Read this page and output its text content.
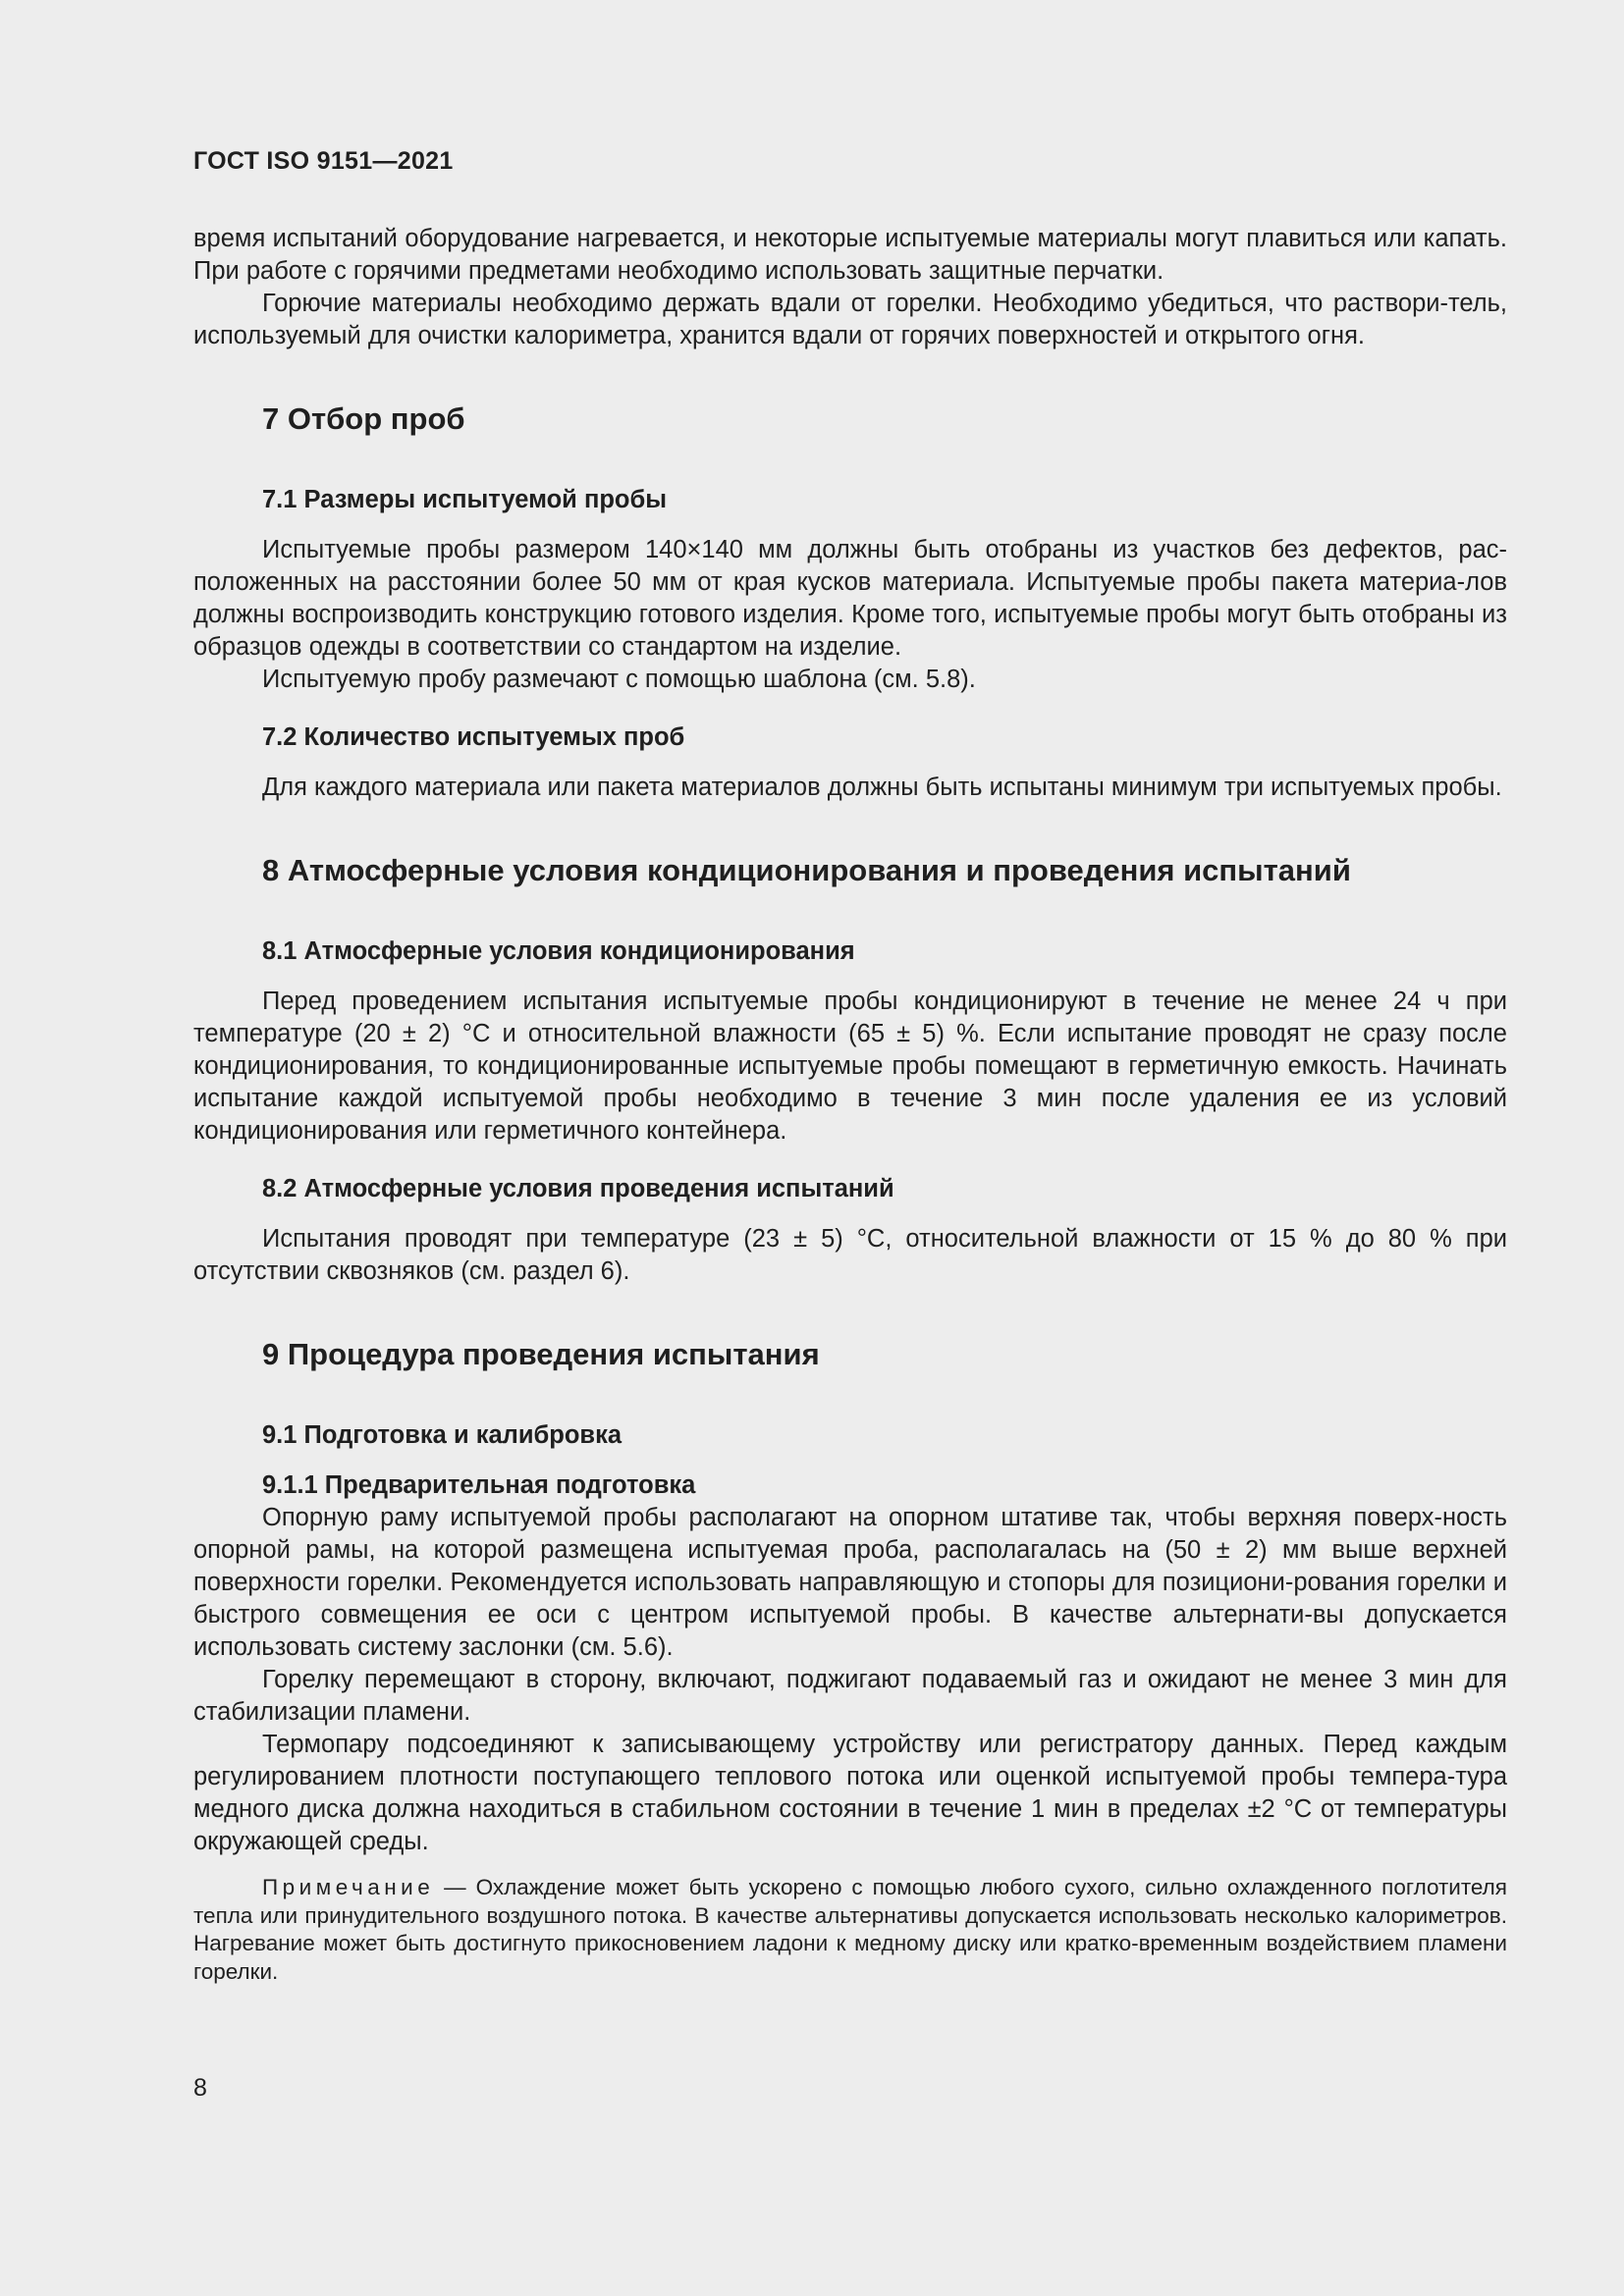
ГОСТ ISO 9151—2021

время испытаний оборудование нагревается, и некоторые испытуемые материалы могут плавиться или капать. При работе с горячими предметами необходимо использовать защитные перчатки.

Горючие материалы необходимо держать вдали от горелки. Необходимо убедиться, что раствори-тель, используемый для очистки калориметра, хранится вдали от горячих поверхностей и открытого огня.

7 Отбор проб
7.1 Размеры испытуемой пробы

Испытуемые пробы размером 140×140 мм должны быть отобраны из участков без дефектов, рас-положенных на расстоянии более 50 мм от края кусков материала. Испытуемые пробы пакета материа-лов должны воспроизводить конструкцию готового изделия. Кроме того, испытуемые пробы могут быть отобраны из образцов одежды в соответствии со стандартом на изделие.

Испытуемую пробу размечают с помощью шаблона (см. 5.8).

7.2 Количество испытуемых проб

Для каждого материала или пакета материалов должны быть испытаны минимум три испытуемых пробы.

8 Атмосферные условия кондиционирования и проведения испытаний
8.1 Атмосферные условия кондиционирования

Перед проведением испытания испытуемые пробы кондиционируют в течение не менее 24 ч при температуре (20 ± 2) °С и относительной влажности (65 ± 5) %. Если испытание проводят не сразу после кондиционирования, то кондиционированные испытуемые пробы помещают в герметичную емкость. Начинать испытание каждой испытуемой пробы необходимо в течение 3 мин после удаления ее из условий кондиционирования или герметичного контейнера.

8.2 Атмосферные условия проведения испытаний

Испытания проводят при температуре (23 ± 5) °С, относительной влажности от 15 % до 80 % при отсутствии сквозняков (см. раздел 6).

9 Процедура проведения испытания
9.1 Подготовка и калибровка
9.1.1 Предварительная подготовка

Опорную раму испытуемой пробы располагают на опорном штативе так, чтобы верхняя поверх-ность опорной рамы, на которой размещена испытуемая проба, располагалась на (50 ± 2) мм выше верхней поверхности горелки. Рекомендуется использовать направляющую и стопоры для позициони-рования горелки и быстрого совмещения ее оси с центром испытуемой пробы. В качестве альтернати-вы допускается использовать систему заслонки (см. 5.6).

Горелку перемещают в сторону, включают, поджигают подаваемый газ и ожидают не менее 3 мин для стабилизации пламени.

Термопару подсоединяют к записывающему устройству или регистратору данных. Перед каждым регулированием плотности поступающего теплового потока или оценкой испытуемой пробы темпера-тура медного диска должна находиться в стабильном состоянии в течение 1 мин в пределах ±2 °С от температуры окружающей среды.

Примечание — Охлаждение может быть ускорено с помощью любого сухого, сильно охлажденного поглотителя тепла или принудительного воздушного потока. В качестве альтернативы допускается использовать несколько калориметров. Нагревание может быть достигнуто прикосновением ладони к медному диску или кратко-временным воздействием пламени горелки.
8
